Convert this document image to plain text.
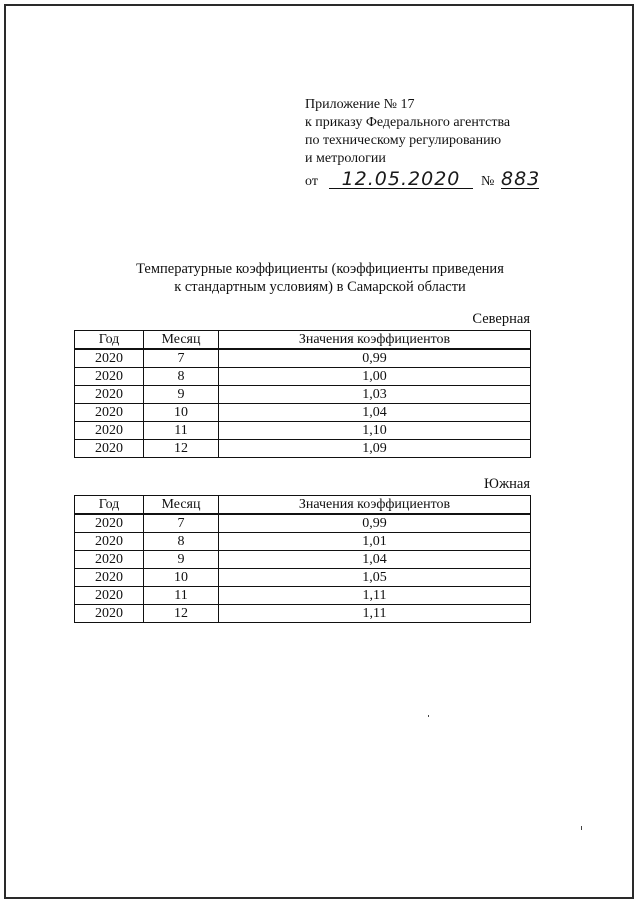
Приложение № 17
к приказу Федерального агентства
по техническому регулированию
и метрологии
от	12.05.2020	№ 883
Температурные коэффициенты (коэффициенты приведения
к стандартным условиям) в Самарской области
Северная
Год	Месяц	Значения коэффициентов
2020	7	0,99
2020	8	1,00
2020	9	1,03
2020	10	1,04
2020	11	1,10
2020	12	1,09
Южная
Год	Месяц	Значения коэффициентов
2020	7	0,99
2020	8	1,01
2020	9	1,04
2020	10	1,05
2020	11	1,11
2020	12	1,11
